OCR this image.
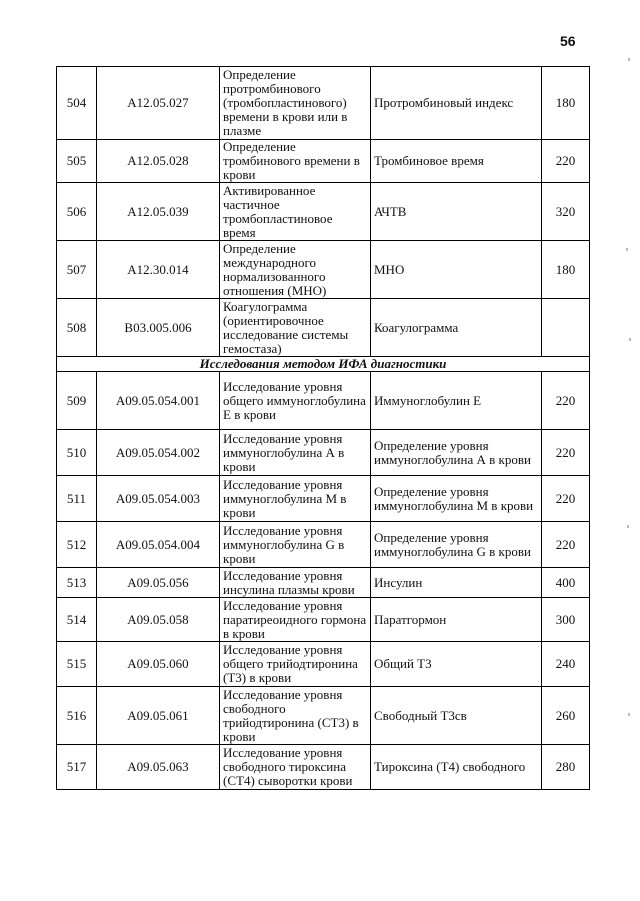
56
504	A12.05.027	Определение протромбинового (тромбопластинового) времени в крови или в плазме	Протромбиновый индекс	180
505	A12.05.028	Определение тромбинового времени в крови	Тромбиновое время	220
506	A12.05.039	Активированное частичное тромбопластиновое время	АЧТВ	320
507	A12.30.014	Определение международного нормализованного отношения (МНО)	МНО	180
508	B03.005.006	Коагулограмма (ориентировочное исследование системы гемостаза)	Коагулограмма	
Исследования методом ИФА диагностики				
509	A09.05.054.001	Исследование уровня общего иммуноглобулина Е в крови	Иммуноглобулин Е	220
510	A09.05.054.002	Исследование уровня иммуноглобулина А в крови	Определение уровня иммуноглобулина А в крови	220
511	A09.05.054.003	Исследование уровня иммуноглобулина М в крови	Определение уровня иммуноглобулина М в крови	220
512	A09.05.054.004	Исследование уровня иммуноглобулина G в крови	Определение уровня иммуноглобулина G в крови	220
513	A09.05.056	Исследование уровня инсулина плазмы крови	Инсулин	400
514	A09.05.058	Исследование уровня паратиреоидного гормона в крови	Паратгормон	300
515	A09.05.060	Исследование уровня общего трийодтиронина (Т3) в крови	Общий Т3	240
516	A09.05.061	Исследование уровня свободного трийодтиронина (СТ3) в крови	Свободный Т3св	260
517	A09.05.063	Исследование уровня свободного тироксина (СТ4) сыворотки крови	Тироксина (Т4) свободного	280
